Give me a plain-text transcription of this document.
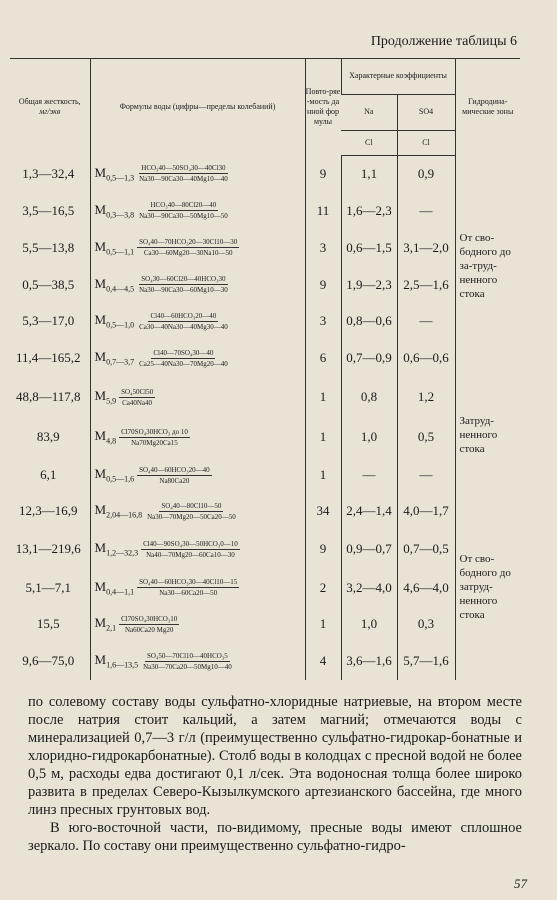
Продолжение таблицы 6
Общая жесткость,
мг/экв	Формулы воды (цифры—пределы колебаний)	Повто-ряе-мость данной формулы	Характерные коэффициенты		Гидродина-мические зоны
			Na	SO4	
			Cl	Cl	
1,3—32,4	$M_{0,5—1,3} \frac{\text{HCO₃40—50SO₄30—40Cl30}}{Na30—90Ca30—40Mg10—40}$	9	1,1	0,9	От сво-бодного до за-труд-ненного стока
3,5—16,5	$M_{0,3—3,8} \frac{\text{HCO₃40—80Cl20—40}}{Na30—90Ca30—50Mg10—50}$	11	1,6—2,3	—	
5,5—13,8	$M_{0,5—1,1} \frac{\text{SO₄40—70HCO₃20—30Cl10—30}}{Ca30—60Mg20—30Na10—50}$	3	0,6—1,5	3,1—2,0	
0,5—38,5	$M_{0,4—4,5} \frac{\text{SO₄30—60Cl20—40HCO₃30}}{Na30—90Ca30—60Mg10—30}$	9	1,9—2,3	2,5—1,6	
5,3—17,0	$M_{0,5—1,0} \frac{\text{Cl40—60HCO₃20—40}}{Ca30—40Na30—40Mg30—40}$	3	0,8—0,6	—	
11,4—165,2	$M_{0,7—3,7} \frac{\text{Cl40—70SO₄30—40}}{Ca25—40Na30—70Mg20—40}$	6	0,7—0,9	0,6—0,6	
48,8—117,8	$M_{5,9} \frac{\text{SO₄50Cl50}}{Ca40Na40}$	1	0,8	1,2	Затруд-ненного стока
83,9	$M_{4,8} \frac{\text{Cl70SO₄30HCO₃ до 10}}{Na70Mg20Ca15}$	1	1,0	0,5	
6,1	$M_{0,5—1,6} \frac{\text{SO₄40—60HCO₃20—40}}{Na80Ca20}$	1	—	—	
12,3—16,9	$M_{2,04—16,8} \frac{\text{SO₄40—80Cl10—50}}{Na30—70Mg20—50Ca20—50}$	34	2,4—1,4	4,0—1,7	От сво-бодного до затруд-ненного стока
13,1—219,6	$M_{1,2—32,3} \frac{\text{Cl40—90SO₄30—50HCO₃0—10}}{Na40—70Mg20—60Ca10—30}$	9	0,9—0,7	0,7—0,5	
5,1—7,1	$M_{0,4—1,1} \frac{\text{SO₄40—60HCO₃30—40Cl10—15}}{Na30—60Ca20—50}$	2	3,2—4,0	4,6—4,0	
15,5	$M_{2,1} \frac{\text{Cl70SO₄30HCO₃10}}{Na60Ca20 Mg20}$	1	1,0	0,3	
9,6—75,0	$M_{1,6—13,5} \frac{\text{SO₄50—70Cl10—40HCO₃5}}{Na30—70Ca20—50Mg10—40}$	4	3,6—1,6	5,7—1,6	

по солевому составу воды сульфатно-хлоридные натриевые, на втором месте после натрия стоит кальций, а затем магний; отмечаются воды с минерализацией 0,7—3 г/л (преимущественно сульфатно-гидрокар-бонатные и хлоридно-гидрокарбонатные). Столб воды в колодцах с пресной водой не более 0,5 м, расходы едва достигают 0,1 л/сек. Эта водоносная толща более широко развита в пределах Северо-Кызылкумского артезианского бассейна, где много линз пресных грунтовых вод.

В юго-восточной части, по-видимому, пресные воды имеют сплошное зеркало. По составу они преимущественно сульфатно-гидро-

57
